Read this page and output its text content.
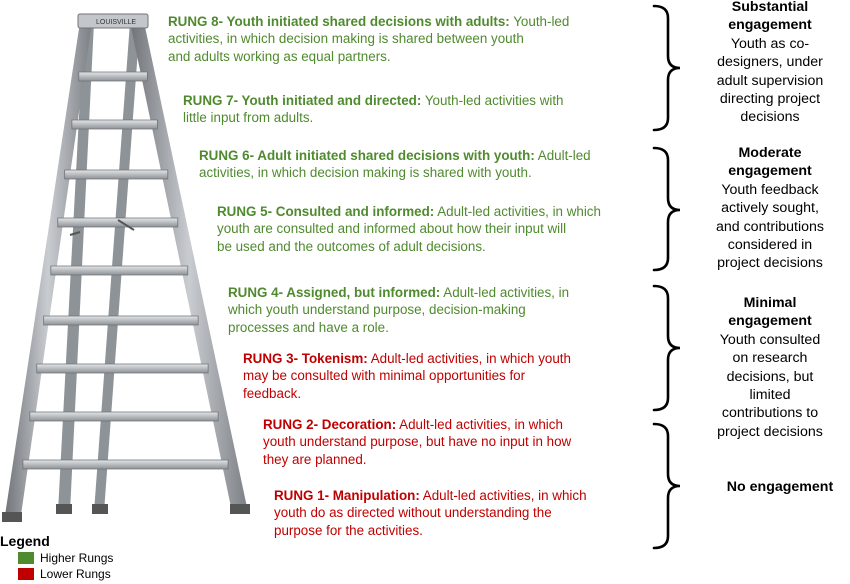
LOUISVILLE RUNG 8- Youth initiated shared decisions with adults: Youth-led
activities, in which decision making is shared between youth
and adults working as equal partners.
RUNG 7- Youth initiated and directed: Youth-led activities with
little input from adults.
RUNG 6- Adult initiated shared decisions with youth: Adult-led
activities, in which decision making is shared with youth.
RUNG 5- Consulted and informed: Adult-led activities, in which
youth are consulted and informed about how their input will
be used and the outcomes of adult decisions.
RUNG 4- Assigned, but informed: Adult-led activities, in
which youth understand purpose, decision-making
processes and have a role.
RUNG 3- Tokenism: Adult-led activities, in which youth
may be consulted with minimal opportunities for
feedback.
RUNG 2- Decoration: Adult-led activities, in which
youth understand purpose, but have no input in how
they are planned.
RUNG 1- Manipulation: Adult-led activities, in which
youth do as directed without understanding the
purpose for the activities.
Substantial
engagement
Youth as co-
designers, under
adult supervision
directing project
decisions
Moderate
engagement
Youth feedback
actively sought,
and contributions
considered in
project decisions
Minimal
engagement
Youth consulted
on research
decisions, but
limited
contributions to
project decisions
No engagement
Legend
Higher Rungs
Lower Rungs
